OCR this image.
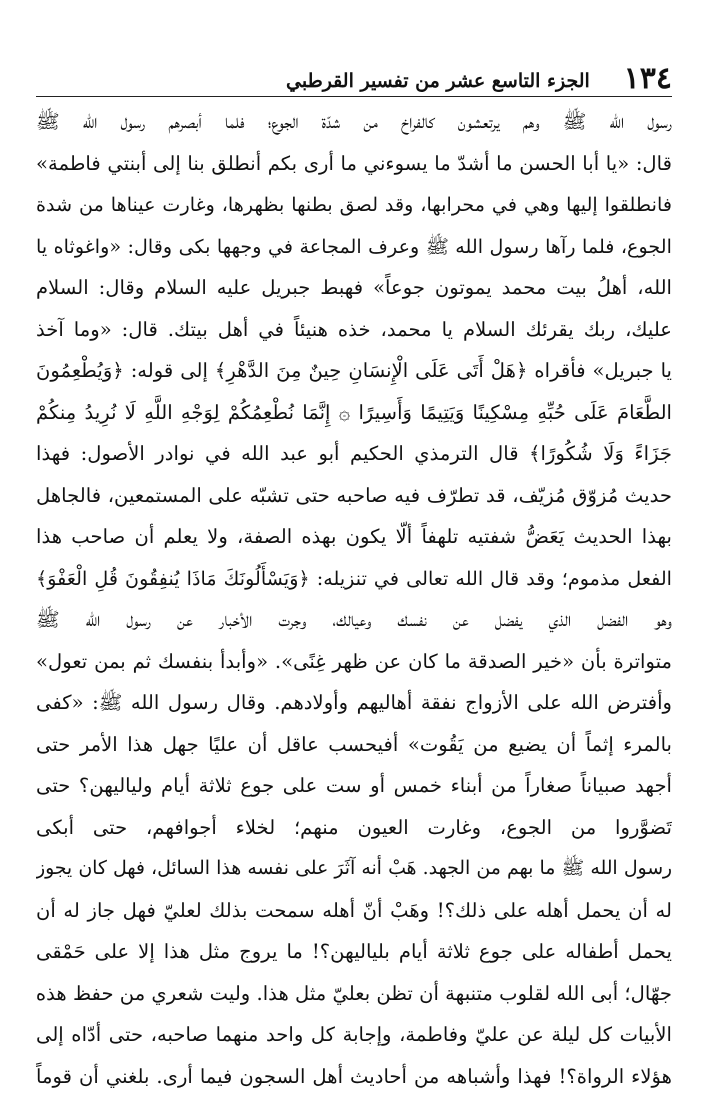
١٣٤
الجزء التاسع عشر من تفسير القرطبي
رسول الله ﷺ وهم يرتعشون كالفراخ من شدّة الجوع؛ فلما أبصرهم رسول الله ﷺ
قال: «يا أبا الحسن ما أشدّ ما يسوءني ما أرى بكم أنطلق بنا إلى أبنتي فاطمة»
فانطلقوا إليها وهي في محرابها، وقد لصق بطنها بظهرها، وغارت عيناها من شدة
الجوع، فلما رآها رسول الله ﷺ وعرف المجاعة في وجهها بكى وقال: «واغوثاه يا
الله، أهلُ بيت محمد يموتون جوعاً» فهبط جبريل عليه السلام وقال: السلام
عليك، ربك يقرئك السلام يا محمد، خذه هنيئاً في أهل بيتك. قال: «وما آخذ
يا جبريل» فأقراه ﴿هَلْ أَتَى عَلَى الْإِنسَانِ حِينٌ مِنَ الدَّهْرِ﴾ إلى قوله: ﴿وَيُطْعِمُونَ
الطَّعَامَ عَلَى حُبِّهِ مِسْكِينًا وَيَتِيمًا وَأَسِيرًا ۞ إِنَّمَا نُطْعِمُكُمْ لِوَجْهِ اللَّهِ لَا نُرِيدُ مِنكُمْ
جَزَاءً وَلَا شُكُورًا﴾ قال الترمذي الحكيم أبو عبد الله في نوادر الأصول: فهذا
حديث مُزوّق مُزيّف، قد تطرّف فيه صاحبه حتى تشبّه على المستمعين، فالجاهل
بهذا الحديث يَعَضُّ شفتيه تلهفاً ألّا يكون بهذه الصفة، ولا يعلم أن صاحب هذا
الفعل مذموم؛ وقد قال الله تعالى في تنزيله: ﴿وَيَسْأَلُونَكَ مَاذَا يُنفِقُونَ قُلِ الْعَفْوَ﴾
وهو الفضل الذي يفضل عن نفسك وعيالك، وجرت الأخبار عن رسول الله ﷺ
متواترة بأن «خير الصدقة ما كان عن ظهر غِنًى». «وأبدأ بنفسك ثم بمن تعول»
وأفترض الله على الأزواج نفقة أهاليهم وأولادهم. وقال رسول الله ﷺ: «كفى
بالمرء إثماً أن يضيع من يَقُوت» أفيحسب عاقل أن عليًا جهل هذا الأمر حتى
أجهد صبياناً صغاراً من أبناء خمس أو ست على جوع ثلاثة أيام ولياليهن؟ حتى
تَضوَّروا من الجوع، وغارت العيون منهم؛ لخلاء أجوافهم، حتى أبكى
رسول الله ﷺ ما بهم من الجهد. هَبْ أنه آثَرَ على نفسه هذا السائل، فهل كان يجوز
له أن يحمل أهله على ذلك؟! وهَبْ أنّ أهله سمحت بذلك لعليّ فهل جاز له أن
يحمل أطفاله على جوع ثلاثة أيام بلياليهن؟! ما يروج مثل هذا إلا على حَمْقى
جهّال؛ أبى الله لقلوب متنبهة أن تظن بعليّ مثل هذا. وليت شعري من حفظ هذه
الأبيات كل ليلة عن عليّ وفاطمة، وإجابة كل واحد منهما صاحبه، حتى أدّاه إلى
هؤلاء الرواة؟! فهذا وأشباهه من أحاديث أهل السجون فيما أرى. بلغني أن قوماً
